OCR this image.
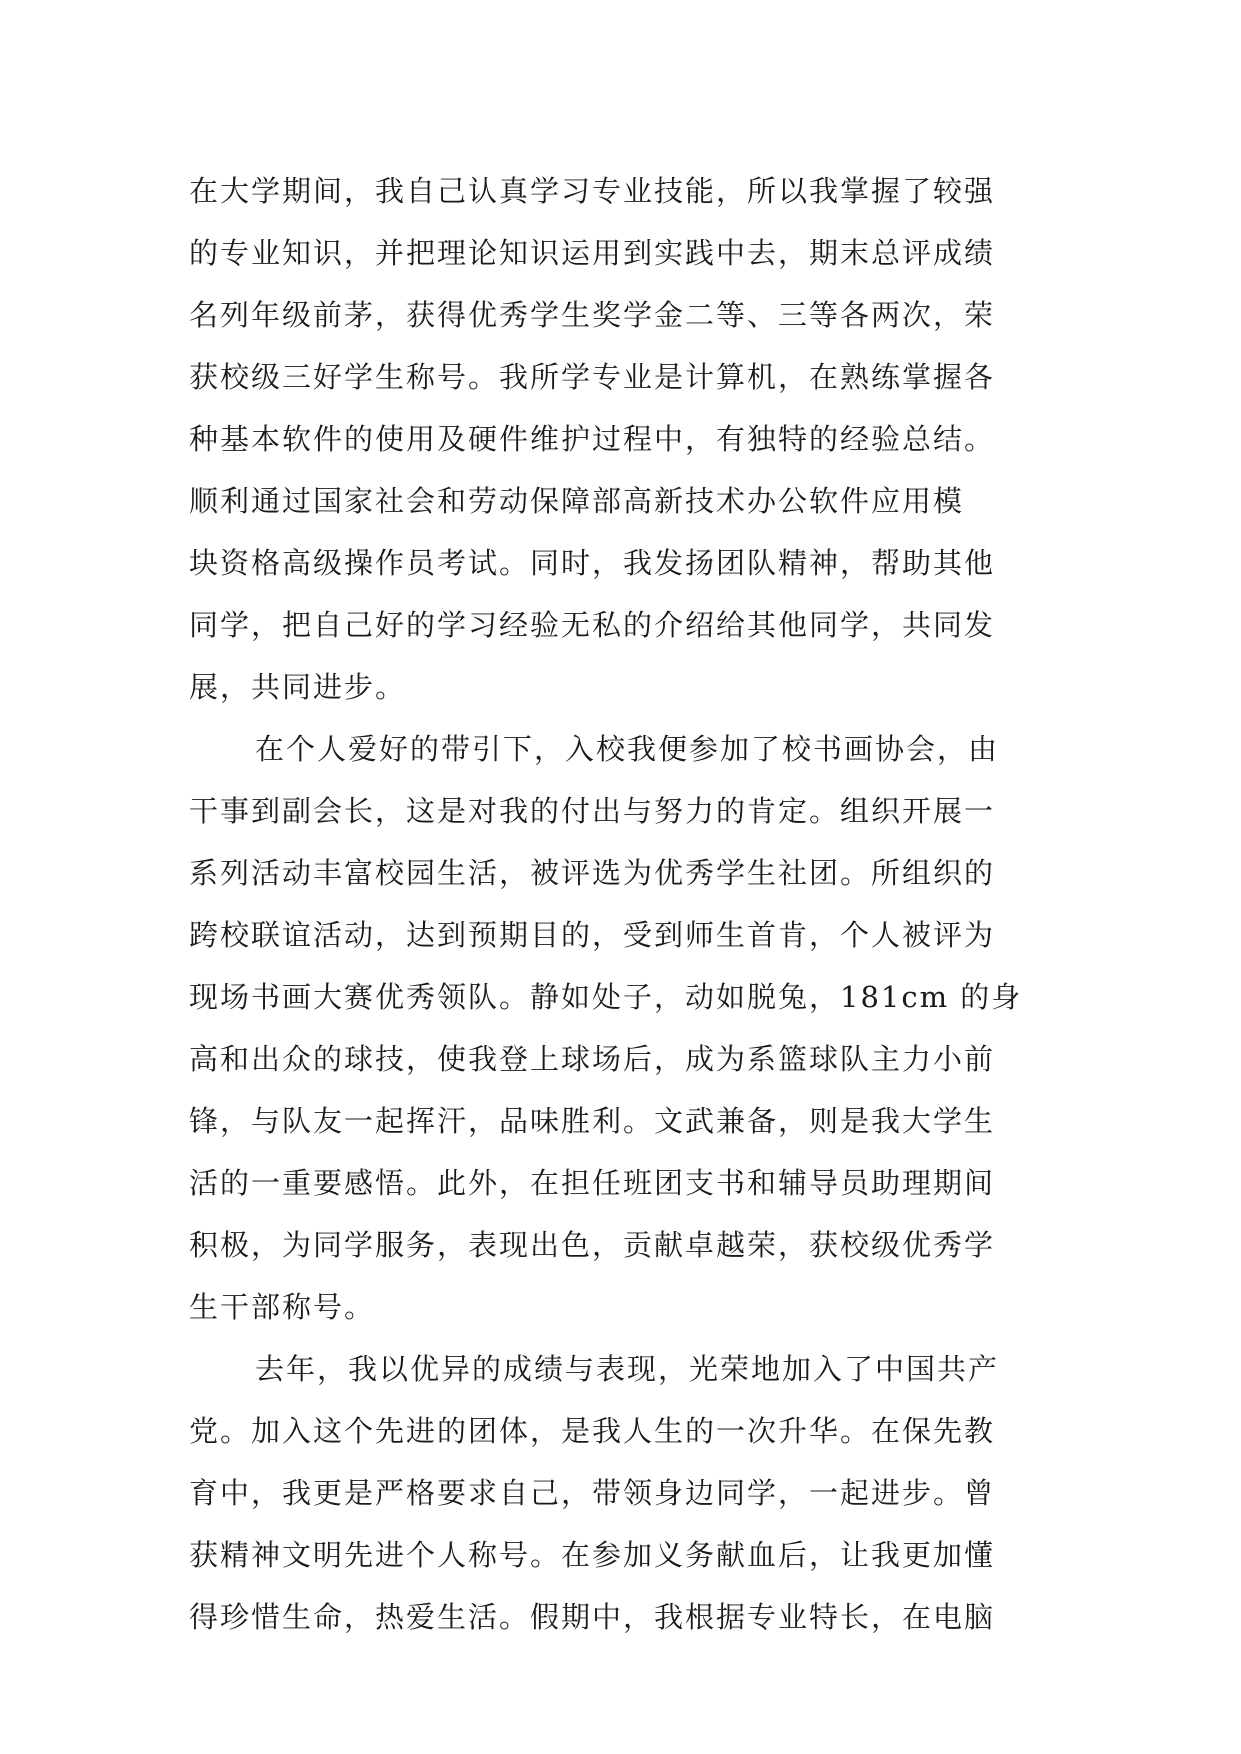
在大学期间，我自己认真学习专业技能，所以我掌握了较强
的专业知识，并把理论知识运用到实践中去，期末总评成绩
名列年级前茅，获得优秀学生奖学金二等、三等各两次，荣
获校级三好学生称号。我所学专业是计算机，在熟练掌握各
种基本软件的使用及硬件维护过程中，有独特的经验总结。
顺利通过国家社会和劳动保障部高新技术办公软件应用模
块资格高级操作员考试。同时，我发扬团队精神，帮助其他
同学，把自己好的学习经验无私的介绍给其他同学，共同发
展，共同进步。
在个人爱好的带引下，入校我便参加了校书画协会，由
干事到副会长，这是对我的付出与努力的肯定。组织开展一
系列活动丰富校园生活，被评选为优秀学生社团。所组织的
跨校联谊活动，达到预期目的，受到师生首肯，个人被评为
现场书画大赛优秀领队。静如处子，动如脱兔，181cm 的身
高和出众的球技，使我登上球场后，成为系篮球队主力小前
锋，与队友一起挥汗，品味胜利。文武兼备，则是我大学生
活的一重要感悟。此外，在担任班团支书和辅导员助理期间
积极，为同学服务，表现出色，贡献卓越荣，获校级优秀学
生干部称号。
去年，我以优异的成绩与表现，光荣地加入了中国共产
党。加入这个先进的团体，是我人生的一次升华。在保先教
育中，我更是严格要求自己，带领身边同学，一起进步。曾
获精神文明先进个人称号。在参加义务献血后，让我更加懂
得珍惜生命，热爱生活。假期中，我根据专业特长，在电脑
